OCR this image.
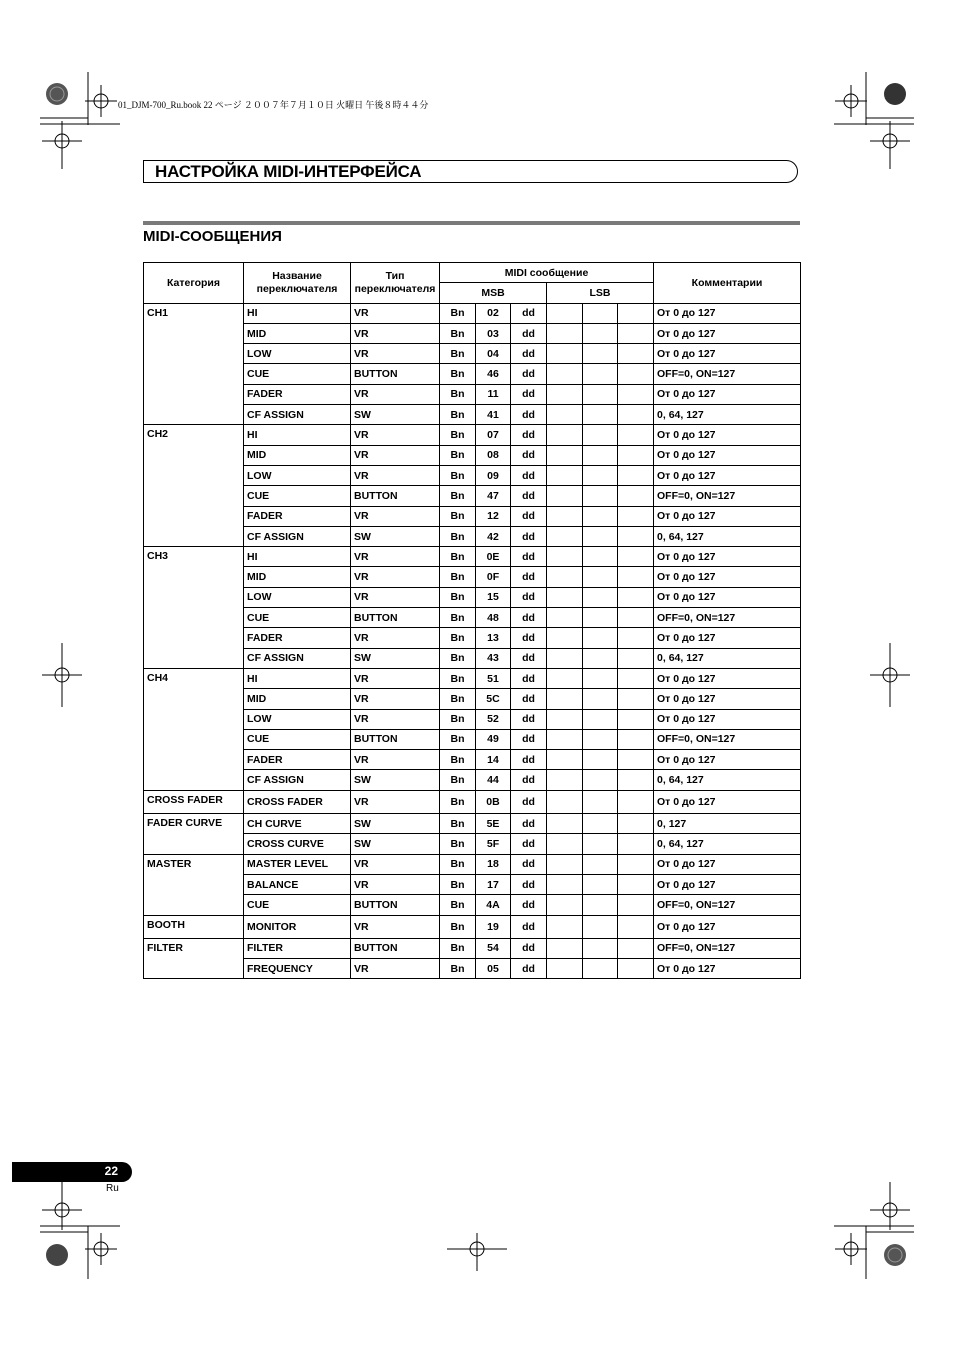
01_DJM-700_Ru.book 22 ページ ２００７年７月１０日 火曜日 午後８時４４分
НАСТРОЙКА MIDI-ИНТЕРФЕЙСА
MIDI-СООБЩЕНИЯ
Категория	Название переключателя	Тип переключателя	MIDI сообщение						Комментарии
			MSB			LSB			
CH1	HI	VR	Bn	02	dd				От 0 до 127
	MID	VR	Bn	03	dd				От 0 до 127
	LOW	VR	Bn	04	dd				От 0 до 127
	CUE	BUTTON	Bn	46	dd				OFF=0, ON=127
	FADER	VR	Bn	11	dd				От 0 до 127
	CF ASSIGN	SW	Bn	41	dd				0, 64, 127
CH2	HI	VR	Bn	07	dd				От 0 до 127
	MID	VR	Bn	08	dd				От 0 до 127
	LOW	VR	Bn	09	dd				От 0 до 127
	CUE	BUTTON	Bn	47	dd				OFF=0, ON=127
	FADER	VR	Bn	12	dd				От 0 до 127
	CF ASSIGN	SW	Bn	42	dd				0, 64, 127
CH3	HI	VR	Bn	0E	dd				От 0 до 127
	MID	VR	Bn	0F	dd				От 0 до 127
	LOW	VR	Bn	15	dd				От 0 до 127
	CUE	BUTTON	Bn	48	dd				OFF=0, ON=127
	FADER	VR	Bn	13	dd				От 0 до 127
	CF ASSIGN	SW	Bn	43	dd				0, 64, 127
CH4	HI	VR	Bn	51	dd				От 0 до 127
	MID	VR	Bn	5C	dd				От 0 до 127
	LOW	VR	Bn	52	dd				От 0 до 127
	CUE	BUTTON	Bn	49	dd				OFF=0, ON=127
	FADER	VR	Bn	14	dd				От 0 до 127
	CF ASSIGN	SW	Bn	44	dd				0, 64, 127
CROSS FADER	CROSS FADER	VR	Bn	0B	dd				От 0 до 127
FADER CURVE	CH CURVE	SW	Bn	5E	dd				0, 127
	CROSS CURVE	SW	Bn	5F	dd				0, 64, 127
MASTER	MASTER LEVEL	VR	Bn	18	dd				От 0 до 127
	BALANCE	VR	Bn	17	dd				От 0 до 127
	CUE	BUTTON	Bn	4A	dd				OFF=0, ON=127
BOOTH	MONITOR	VR	Bn	19	dd				От 0 до 127
FILTER	FILTER	BUTTON	Bn	54	dd				OFF=0, ON=127
	FREQUENCY	VR	Bn	05	dd				От 0 до 127
22
Ru
